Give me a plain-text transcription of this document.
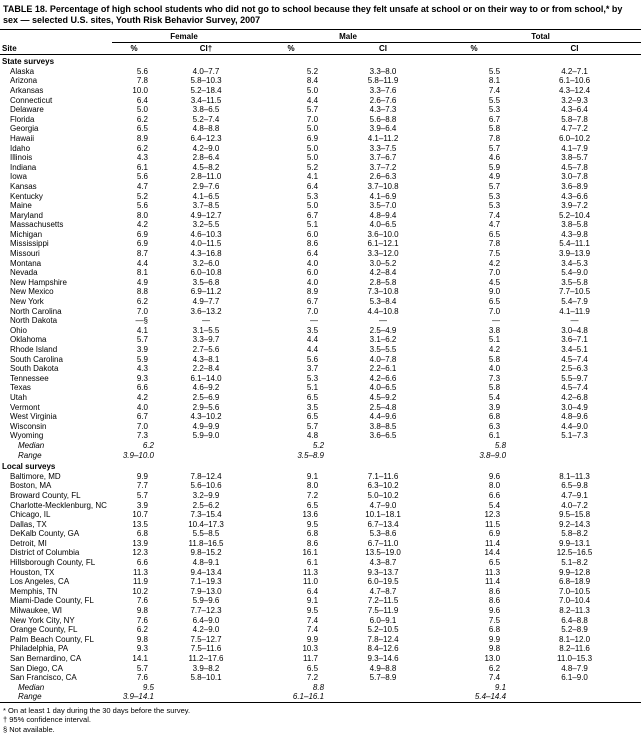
TABLE 18. Percentage of high school students who did not go to school because they felt unsafe at school or on their way to or from school,* by sex — selected U.S. sites, Youth Risk Behavior Survey, 2007
	Female		Male		Total	
Site	%	CI†	%	CI	%	CI
State surveys						
Alaska	5.6	4.0–7.7	5.2	3.3–8.0	5.5	4.2–7.1
Arizona	7.8	5.8–10.3	8.4	5.8–11.9	8.1	6.1–10.6
Arkansas	10.0	5.2–18.4	5.0	3.3–7.6	7.4	4.3–12.4
Connecticut	6.4	3.4–11.5	4.4	2.6–7.6	5.5	3.2–9.3
Delaware	5.0	3.8–6.5	5.7	4.3–7.3	5.3	4.3–6.4
Florida	6.2	5.2–7.4	7.0	5.6–8.8	6.7	5.8–7.8
Georgia	6.5	4.8–8.8	5.0	3.9–6.4	5.8	4.7–7.2
Hawaii	8.9	6.4–12.3	6.9	4.1–11.2	7.8	6.0–10.2
Idaho	6.2	4.2–9.0	5.0	3.3–7.5	5.7	4.1–7.9
Illinois	4.3	2.8–6.4	5.0	3.7–6.7	4.6	3.8–5.7
Indiana	6.1	4.5–8.2	5.2	3.7–7.2	5.9	4.5–7.8
Iowa	5.6	2.8–11.0	4.1	2.6–6.3	4.9	3.0–7.8
Kansas	4.7	2.9–7.6	6.4	3.7–10.8	5.7	3.6–8.9
Kentucky	5.2	4.1–6.5	5.3	4.1–6.9	5.3	4.3–6.6
Maine	5.6	3.7–8.5	5.0	3.5–7.0	5.3	3.9–7.2
Maryland	8.0	4.9–12.7	6.7	4.8–9.4	7.4	5.2–10.4
Massachusetts	4.2	3.2–5.5	5.1	4.0–6.5	4.7	3.8–5.8
Michigan	6.9	4.6–10.3	6.0	3.6–10.0	6.5	4.3–9.8
Mississippi	6.9	4.0–11.5	8.6	6.1–12.1	7.8	5.4–11.1
Missouri	8.7	4.3–16.8	6.4	3.3–12.0	7.5	3.9–13.9
Montana	4.4	3.2–6.0	4.0	3.0–5.2	4.2	3.4–5.3
Nevada	8.1	6.0–10.8	6.0	4.2–8.4	7.0	5.4–9.0
New Hampshire	4.9	3.5–6.8	4.0	2.8–5.8	4.5	3.5–5.8
New Mexico	8.8	6.9–11.2	8.9	7.3–10.8	9.0	7.7–10.5
New York	6.2	4.9–7.7	6.7	5.3–8.4	6.5	5.4–7.9
North Carolina	7.0	3.6–13.2	7.0	4.4–10.8	7.0	4.1–11.9
North Dakota	—§	—	—	—	—	—
Ohio	4.1	3.1–5.5	3.5	2.5–4.9	3.8	3.0–4.8
Oklahoma	5.7	3.3–9.7	4.4	3.1–6.2	5.1	3.6–7.1
Rhode Island	3.9	2.7–5.6	4.4	3.5–5.5	4.2	3.4–5.1
South Carolina	5.9	4.3–8.1	5.6	4.0–7.8	5.8	4.5–7.4
South Dakota	4.3	2.2–8.4	3.7	2.2–6.1	4.0	2.5–6.3
Tennessee	9.3	6.1–14.0	5.3	4.2–6.6	7.3	5.5–9.7
Texas	6.6	4.6–9.2	5.1	4.0–6.5	5.8	4.5–7.4
Utah	4.2	2.5–6.9	6.5	4.5–9.2	5.4	4.2–6.8
Vermont	4.0	2.9–5.6	3.5	2.5–4.8	3.9	3.0–4.9
West Virginia	6.7	4.3–10.2	6.5	4.4–9.6	6.8	4.8–9.6
Wisconsin	7.0	4.9–9.9	5.7	3.8–8.5	6.3	4.4–9.0
Wyoming	7.3	5.9–9.0	4.8	3.6–6.5	6.1	5.1–7.3
Median	6.2		5.2		5.8	
Range	3.9–10.0		3.5–8.9		3.8–9.0	
Local surveys						
Baltimore, MD	9.9	7.8–12.4	9.1	7.1–11.6	9.6	8.1–11.3
Boston, MA	7.7	5.6–10.6	8.0	6.3–10.2	8.0	6.5–9.8
Broward County, FL	5.7	3.2–9.9	7.2	5.0–10.2	6.6	4.7–9.1
Charlotte-Mecklenburg, NC	3.9	2.5–6.2	6.5	4.7–9.0	5.4	4.0–7.2
Chicago, IL	10.7	7.3–15.4	13.6	10.1–18.1	12.3	9.5–15.8
Dallas, TX	13.5	10.4–17.3	9.5	6.7–13.4	11.5	9.2–14.3
DeKalb County, GA	6.8	5.5–8.5	6.8	5.3–8.6	6.9	5.8–8.2
Detroit, MI	13.9	11.8–16.5	8.6	6.7–11.0	11.4	9.9–13.1
District of Columbia	12.3	9.8–15.2	16.1	13.5–19.0	14.4	12.5–16.5
Hillsborough County, FL	6.6	4.8–9.1	6.1	4.3–8.7	6.5	5.1–8.2
Houston, TX	11.3	9.4–13.4	11.3	9.3–13.7	11.3	9.9–12.8
Los Angeles, CA	11.9	7.1–19.3	11.0	6.0–19.5	11.4	6.8–18.9
Memphis, TN	10.2	7.9–13.0	6.4	4.7–8.7	8.6	7.0–10.5
Miami-Dade County, FL	7.6	5.9–9.6	9.1	7.2–11.5	8.6	7.0–10.4
Milwaukee, WI	9.8	7.7–12.3	9.5	7.5–11.9	9.6	8.2–11.3
New York City, NY	7.6	6.4–9.0	7.4	6.0–9.1	7.5	6.4–8.8
Orange County, FL	6.2	4.2–9.0	7.4	5.2–10.5	6.8	5.2–8.9
Palm Beach County, FL	9.8	7.5–12.7	9.9	7.8–12.4	9.9	8.1–12.0
Philadelphia, PA	9.3	7.5–11.6	10.3	8.4–12.6	9.8	8.2–11.6
San Bernardino, CA	14.1	11.2–17.6	11.7	9.3–14.6	13.0	11.0–15.3
San Diego, CA	5.7	3.9–8.2	6.5	4.9–8.8	6.2	4.8–7.9
San Francisco, CA	7.6	5.8–10.1	7.2	5.7–8.9	7.4	6.1–9.0
Median	9.5		8.8		9.1	
Range	3.9–14.1		6.1–16.1		5.4–14.4	
* On at least 1 day during the 30 days before the survey.
† 95% confidence interval.
§ Not available.
